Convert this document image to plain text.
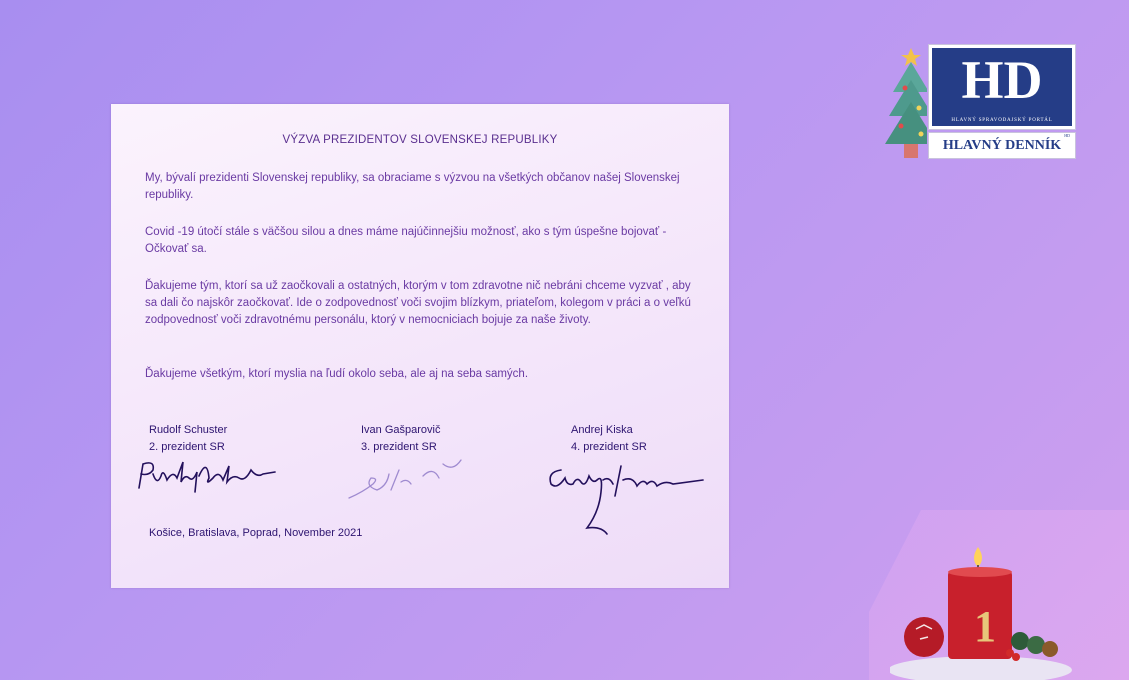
VÝZVA PREZIDENTOV SLOVENSKEJ REPUBLIKY
My, bývalí prezidenti Slovenskej republiky, sa obraciame s výzvou na všetkých občanov našej Slovenskej republiky.
Covid -19 útočí stále s väčšou silou a dnes máme najúčinnejšiu možnosť, ako s tým úspešne bojovať - Očkovať sa.
Ďakujeme tým, ktorí sa už zaočkovali a ostatných, ktorým v tom zdravotne nič nebráni chceme vyzvať , aby sa dali čo najskôr zaočkovať. Ide o zodpovednosť voči svojim blízkym, priateľom, kolegom v práci a o veľkú zodpovednosť voči zdravotnému personálu, ktorý v nemocniciach bojuje za naše životy.
Ďakujeme všetkým, ktorí myslia na ľudí okolo seba, ale aj na seba samých.
Rudolf Schuster
2. prezident SR
Ivan Gašparovič
3. prezident SR
Andrej Kiska
4. prezident SR
Košice, Bratislava, Poprad, November 2021
HD
HLAVNÝ SPRAVODAJSKÝ PORTÁL
HD
HLAVNÝ DENNÍK
1
